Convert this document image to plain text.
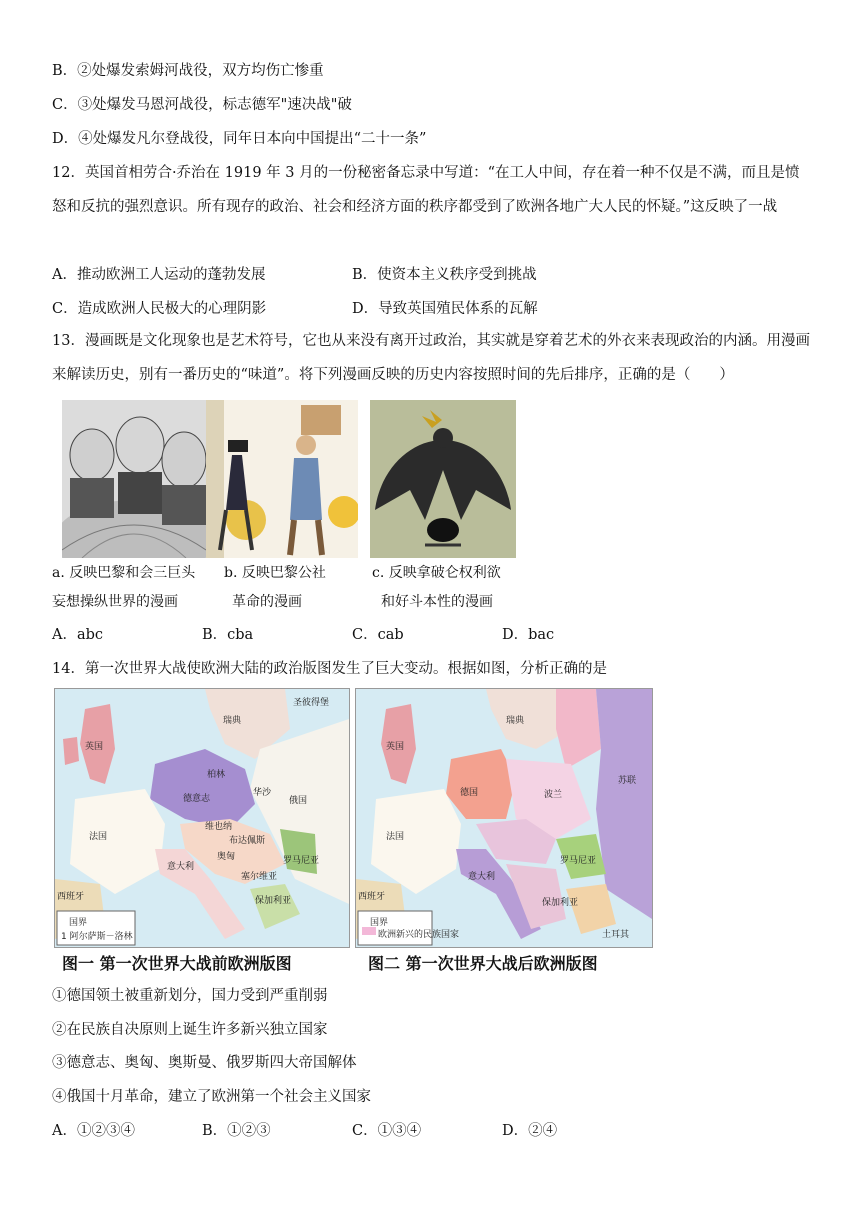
B．②处爆发索姆河战役，双方均伤亡惨重
C．③处爆发马恩河战役，标志德军"速决战"破
D．④处爆发凡尔登战役，同年日本向中国提出“二十一条”
12．英国首相劳合·乔治在 1919 年 3 月的一份秘密备忘录中写道：“在工人中间，存在着一种不仅是不满，而且是愤怒和反抗的强烈意识。所有现存的政治、社会和经济方面的秩序都受到了欧洲各地广大人民的怀疑。”这反映了一战
A．推动欧洲工人运动的蓬勃发展	B．使资本主义秩序受到挑战
C．造成欧洲人民极大的心理阴影	D．导致英国殖民体系的瓦解
13．漫画既是文化现象也是艺术符号，它也从来没有离开过政治，其实就是穿着艺术的外衣来表现政治的内涵。用漫画来解读历史，别有一番历史的“味道”。将下列漫画反映的历史内容按照时间的先后排序，正确的是（　　）
a. 反映巴黎和会三巨头
妄想操纵世界的漫画
b. 反映巴黎公社
革命的漫画
c. 反映拿破仑权利欲
和好斗本性的漫画
A．abc	B．cba	C．cab	D．bac
14．第一次世界大战使欧洲大陆的政治版图发生了巨大变动。根据如图，分析正确的是
圣彼得堡
瑞典
英国
柏林
德意志
华沙
俄国
法国
维也纳
布达佩斯
奥匈	罗马尼亚
意大利
西班牙	保加利亚
塞尔维亚
国界
1 阿尔萨斯－洛林
英国
瑞典
苏联
德国	波兰
法国
罗马尼亚
意大利
西班牙
保加利亚
土耳其
国界
欧洲新兴的民族国家
图一 第一次世界大战前欧洲版图	图二 第一次世界大战后欧洲版图
①德国领土被重新划分，国力受到严重削弱
②在民族自决原则上诞生许多新兴独立国家
③德意志、奥匈、奥斯曼、俄罗斯四大帝国解体
④俄国十月革命，建立了欧洲第一个社会主义国家
A．①②③④	B．①②③	C．①③④	D．②④
